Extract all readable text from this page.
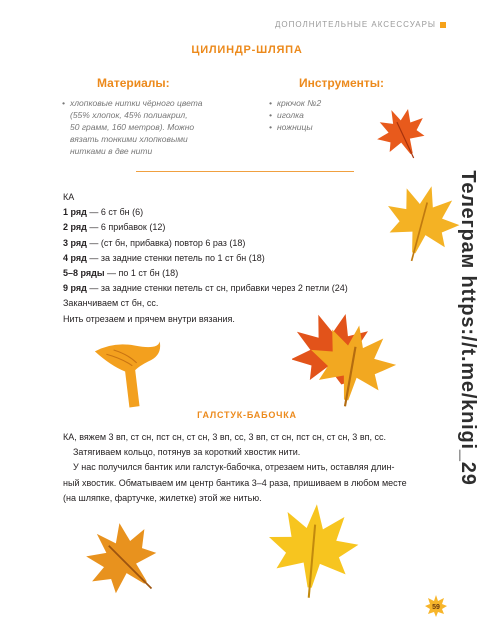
ДОПОЛНИТЕЛЬНЫЕ АКСЕССУАРЫ
ЦИЛИНДР-ШЛЯПА
Материалы:
• хлопковые нитки чёрного цвета
(55% хлопок, 45% полиакрил,
50 грамм, 160 метров). Можно
вязать тонкими хлопковыми
нитками в две нити
Инструменты:
• крючок №2
• иголка
• ножницы
КА
1 ряд — 6 ст бн (6)
2 ряд — 6 прибавок (12)
3 ряд — (ст бн, прибавка) повтор 6 раз (18)
4 ряд — за задние стенки петель по 1 ст бн (18)
5–8 ряды — по 1 ст бн (18)
9 ряд — за задние стенки петель ст сн, прибавки через 2 петли (24)
Заканчиваем ст бн, сс.
Нить отрезаем и прячем внутри вязания.
ГАЛСТУК-БАБОЧКА
КА, вяжем 3 вп, ст сн, пст сн, ст сн, 3 вп, сс, 3 вп, ст сн, пст сн, ст сн, 3 вп, сс.
Затягиваем кольцо, потянув за короткий хвостик нити.
У нас получился бантик или галстук-бабочка, отрезаем нить, оставляя длин-
ный хвостик. Обматываем им центр бантика 3–4 раза, пришиваем в любом месте
(на шляпке, фартучке, жилетке) этой же нитью.
Телеграм https://t.me/knigi_29
59
